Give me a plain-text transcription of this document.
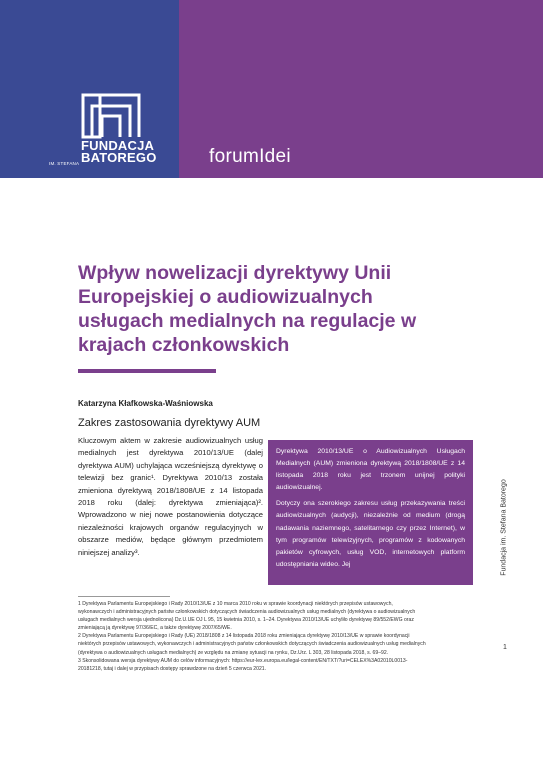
IM. STEFANA
FUNDACJA
BATOREGO	forumIdei
Wpływ nowelizacji dyrektywy Unii Europejskiej o audiowizualnych usługach medialnych na regulacje w krajach członkowskich
Katarzyna Kłafkowska-Waśniowska
Zakres zastosowania dyrektywy AUM

Kluczowym aktem w zakresie audiowizualnych usług medialnych jest dyrektywa 2010/13/UE (dalej dyrektywa AUM) uchylająca wcześniejszą dyrektywę o telewizji bez granic¹. Dyrektywa 2010/13 została zmieniona dyrektywą 2018/1808/UE z 14 listopada 2018 roku (dalej: dyrektywa zmieniająca)². Wprowadzono w niej nowe postanowienia dotyczące niezależności krajowych organów regulacyjnych w obszarze mediów, będące głównym przedmiotem niniejszej analizy³.

Dyrektywa 2010/13/UE o Audiowizualnych Usługach Medialnych (AUM) zmieniona dyrektywą 2018/1808/UE z 14 listopada 2018 roku jest trzonem unijnej polityki audiowizualnej.

Dotyczy ona szerokiego zakresu usług przekazywania treści audiowizualnych (audycji), niezależnie od medium (drogą nadawania naziemnego, satelitarnego czy przez Internet), w tym programów telewizyjnych, programów z kodowanych pakietów cyfrowych, usług VOD, internetowych platform udostępniania wideo. Jej	Fundacja im. Stefana Batorego
1

1 Dyrektywa Parlamentu Europejskiego i Rady 2010/13/UE z 10 marca 2010 roku w sprawie koordynacji niektórych przepisów ustawowych, wykonawczych i administracyjnych państw członkowskich dotyczących świadczenia audiowizualnych usług medialnych (dyrektywa o audiowizualnych usługach medialnych wersja ujednolicona) Dz.U.UE OJ L 95, 15 kwietnia 2010, s. 1–24. Dyrektywa 2010/13/UE uchyliło dyrektywę 89/552/EWG oraz zmieniającą ją dyrektywę 97/36/EC, a także dyrektywę 2007/65/WE.

2 Dyrektywa Parlamentu Europejskiego i Rady (UE) 2018/1808 z 14 listopada 2018 roku zmieniająca dyrektywę 2010/13/UE w sprawie koordynacji niektórych przepisów ustawowych, wykonawczych i administracyjnych państw członkowskich dotyczących świadczenia audiowizualnych usług medialnych (dyrektywa o audiowizualnych usługach medialnych) ze względu na zmianę sytuacji na rynku, Dz.Urz. L 303, 28 listopada 2018, s. 69–92.

3 Skonsolidowana wersja dyrektywy AUM do celów informacyjnych: https://eur-lex.europa.eu/legal-content/EN/TXT/?uri=CELEX%3A02010L0013-20181218, tutaj i dalej w przypisach dostępy sprawdzone na dzień 5 czerwca 2021.
